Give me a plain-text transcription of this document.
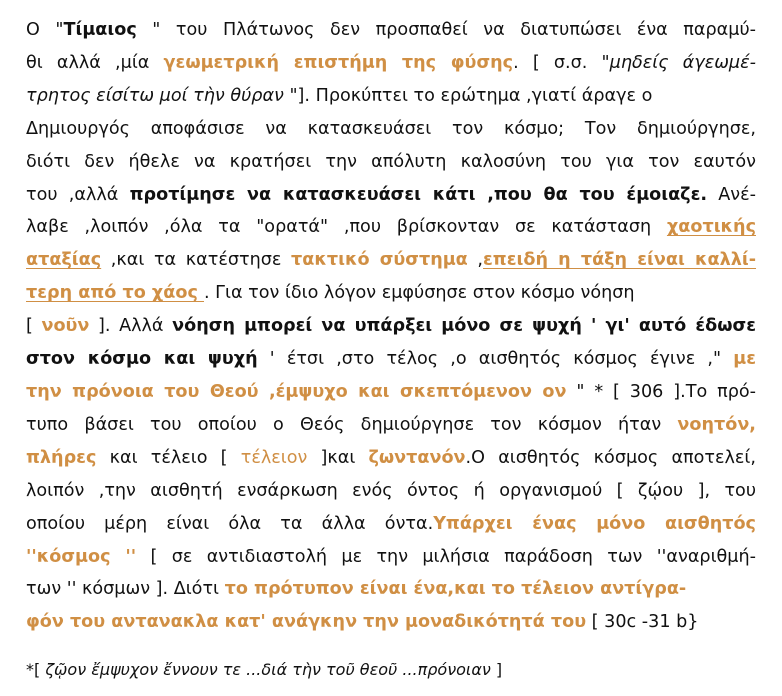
Ο "Τίμαιος " του Πλάτωνος δεν προσπαθεί να διατυπώσει ένα παραμύ-
θι αλλά ,μία γεωμετρική επιστήμη της φύσης. [ σ.σ. "μηδείς άγεωμέ-
τρητος είσίτω μοί τὴν θύραν "]. Προκύπτει το ερώτημα ,γιατί άραγε ο
Δημιουργός αποφάσισε να κατασκευάσει τον κόσμο; Τον δημιούργησε,
διότι δεν ήθελε να κρατήσει την απόλυτη καλοσύνη του για τον εαυτόν
του ,αλλά προτίμησε να κατασκευάσει κάτι ,που θα του έμοιαζε. Ανέ-
λαβε ,λοιπόν ,όλα τα "ορατά" ,που βρίσκονταν σε κατάσταση χαοτικής
αταξίας ,και τα κατέστησε τακτικό σύστημα ,επειδή η τάξη είναι καλλί-
τερη από το χάος . Για τον ίδιο λόγον εμφύσησε στον κόσμο νόηση
[ νοῦν ]. Αλλά νόηση μπορεί να υπάρξει μόνο σε ψυχή ' γι' αυτό έδωσε
στον κόσμο και ψυχή ' έτσι ,στο τέλος ,ο αισθητός κόσμος έγινε ," με
την πρόνοια του Θεού ,έμψυχο και σκεπτόμενον ον " * [ 306 ].Το πρό-
τυπο βάσει του οποίου ο Θεός δημιούργησε τον κόσμον ήταν νοητόν,
πλήρες και τέλειο [ τέλειον ]και ζωντανόν.Ο αισθητός κόσμος αποτελεί,
λοιπόν ,την αισθητή ενσάρκωση ενός όντος ή οργανισμού [ ζῴου ], του
οποίου μέρη είναι όλα τα άλλα όντα.Υπάρχει ένας μόνο αισθητός
''κόσμος '' [ σε αντιδιαστολή με την μιλήσια παράδοση των ''αναριθμή-
των '' κόσμων ]. Διότι το πρότυπον είναι ένα,και το τέλειον αντίγρα-
φόν του αντανακλα κατ' ανάγκην την μοναδικότητά του [ 30c -31 b}
*[ ζῷον ἔμψυχον ἔννουν τε ...διά τὴν τοῦ θεοῦ ...πρόνοιαν ]
